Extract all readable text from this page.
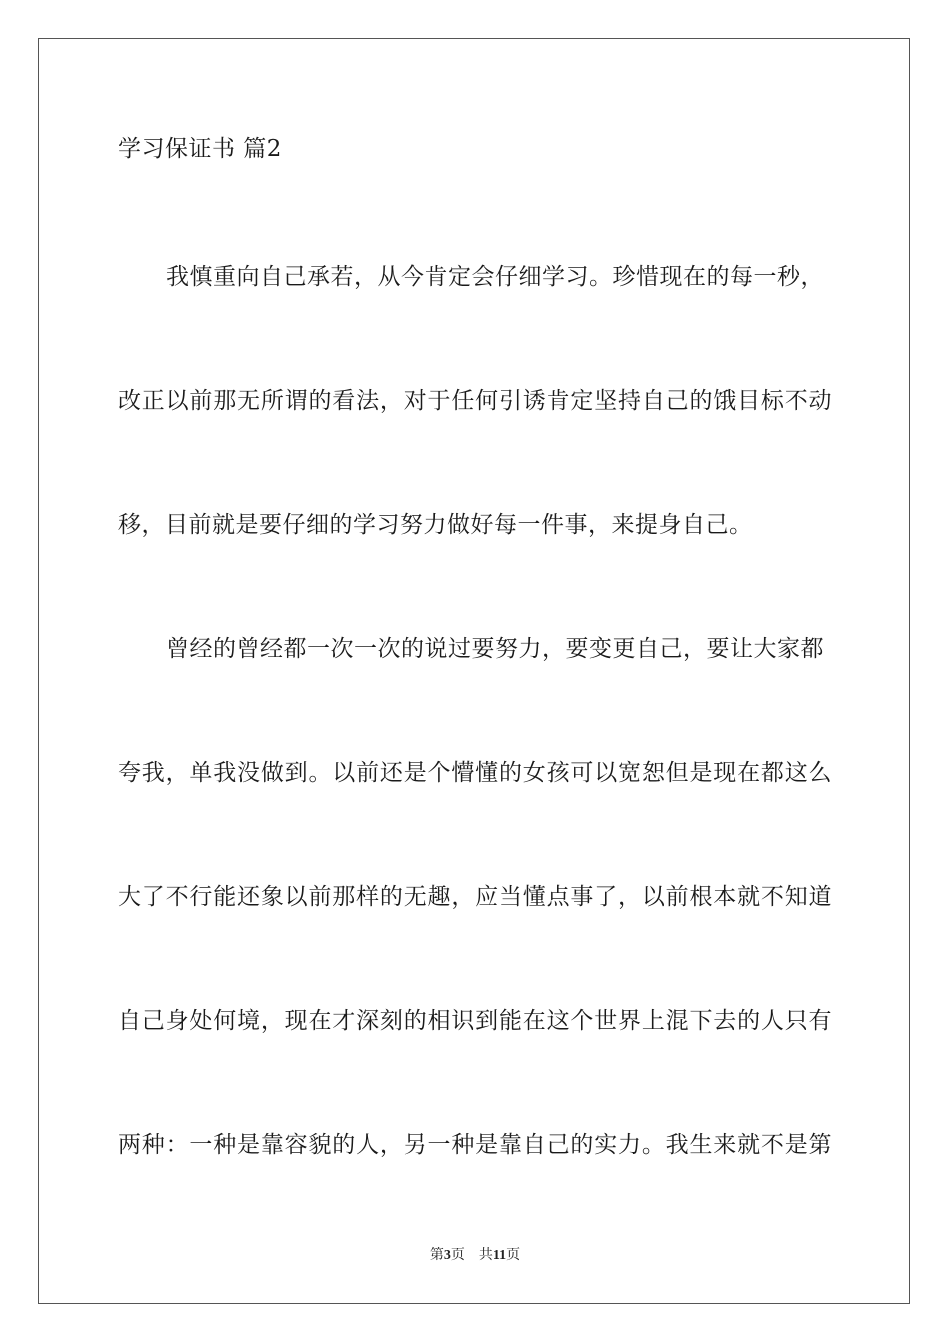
学习保证书 篇2
我慎重向自己承若，从今肯定会仔细学习。珍惜现在的每一秒，
改正以前那无所谓的看法，对于任何引诱肯定坚持自己的饿目标不动
移，目前就是要仔细的学习努力做好每一件事，来提身自己。
曾经的曾经都一次一次的说过要努力，要变更自己，要让大家都
夸我，单我没做到。以前还是个懵懂的女孩可以宽恕但是现在都这么
大了不行能还象以前那样的无趣，应当懂点事了，以前根本就不知道
自己身处何境，现在才深刻的相识到能在这个世界上混下去的人只有
两种：一种是靠容貌的人，另一种是靠自己的实力。我生来就不是第
第3页 共11页
